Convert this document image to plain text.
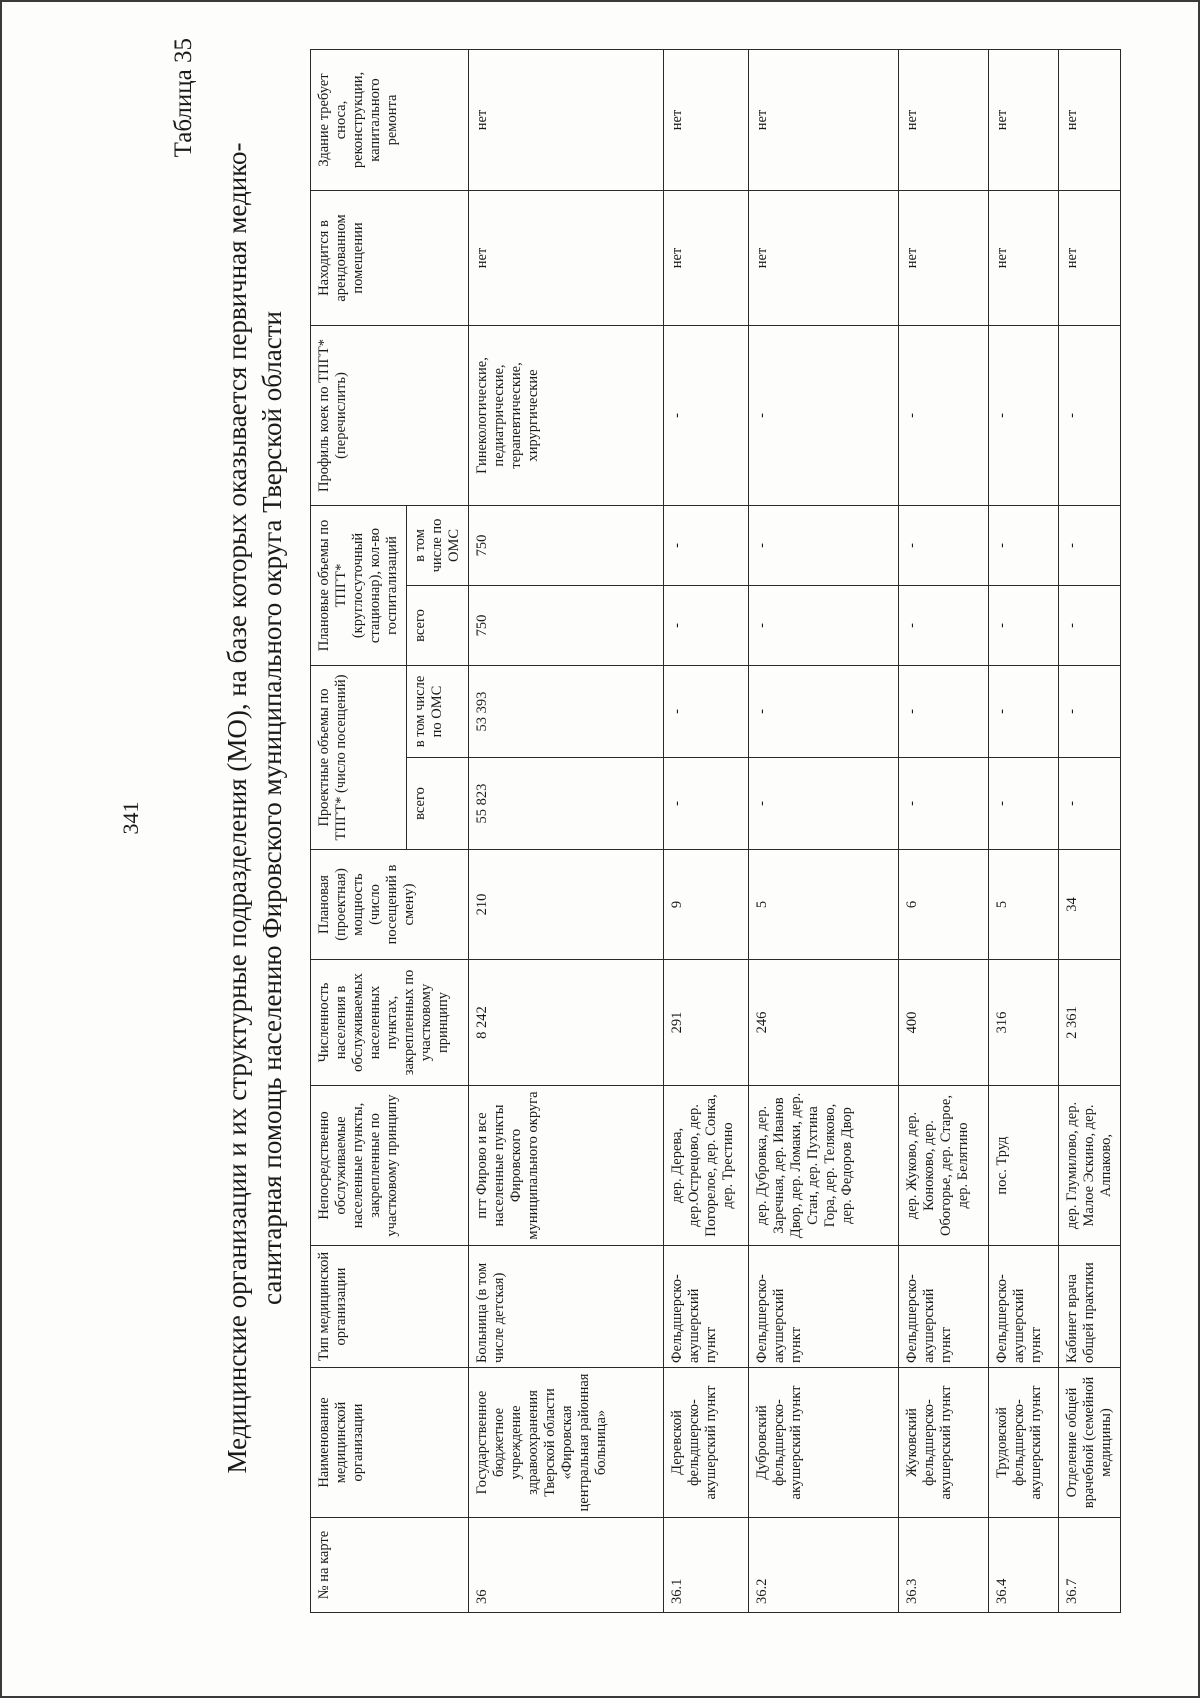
341
Таблица 35
Медицинские организации и их структурные подразделения (МО), на базе которых оказывается первичная медико- санитарная помощь населению Фировского муниципального округа Тверской области
№ на карте	Наименование медицинской организации	Тип медицинской организации	Непосредственно обслуживаемые населенные пункты, закрепленные по участковому принципу	Численность населения в обслуживаемых населенных пунктах, закрепленных по участковому принципу	Плановая (проектная) мощность (число посещений в смену)	Проектные объемы по ТПГТ* (число посещений)		Плановые объемы по ТПГТ* (круглосуточный стационар), кол-во госпитализаций		Профиль коек по ТПГТ* (перечислить)	Находится в арендованном помещении	Здание требует сноса, реконструкции, капитального ремонта
						всего	в том числе по ОМС	всего	в том числе по ОМС			
36	Государственное бюджетное учреждение здравоохранения Тверской области «Фировская центральная районная больница»	Больница (в том числе детская)	пгт Фирово и все населенные пункты Фировского муниципального округа	8 242	210	55 823	53 393	750	750	Гинекологические, педиатрические, терапевтические, хирургические	нет	нет
36.1	Деревской фельдшерско-акушерский пункт	Фельдшерско-акушерский пункт	дер. Дерева, дер.Острецово, дер. Погорелое, дер. Сонка, дер. Трестино	291	9	-	-	-	-	-	нет	нет
36.2	Дубровский фельдшерско-акушерский пункт	Фельдшерско-акушерский пункт	дер. Дубровка, дер. Заречная, дер. Иванов Двор, дер. Ломаки, дер. Стан, дер. Пухтина Гора, дер. Теляково, дер. Федоров Двор	246	5	-	-	-	-	-	нет	нет
36.3	Жуковский фельдшерско-акушерский пункт	Фельдшерско-акушерский пункт	дер. Жуково, дер. Коноково, дер. Обогорье, дер. Старое, дер. Белятино	400	6	-	-	-	-	-	нет	нет
36.4	Трудовской фельдшерско-акушерский пункт	Фельдшерско-акушерский пункт	пос. Труд	316	5	-	-	-	-	-	нет	нет
36.7	Отделение общей врачебной (семейной медицины)	Кабинет врача общей практики	дер. Глумилово, дер. Малое Эскино, дер. Алпаково,	2 361	34	-	-	-	-	-	нет	нет
